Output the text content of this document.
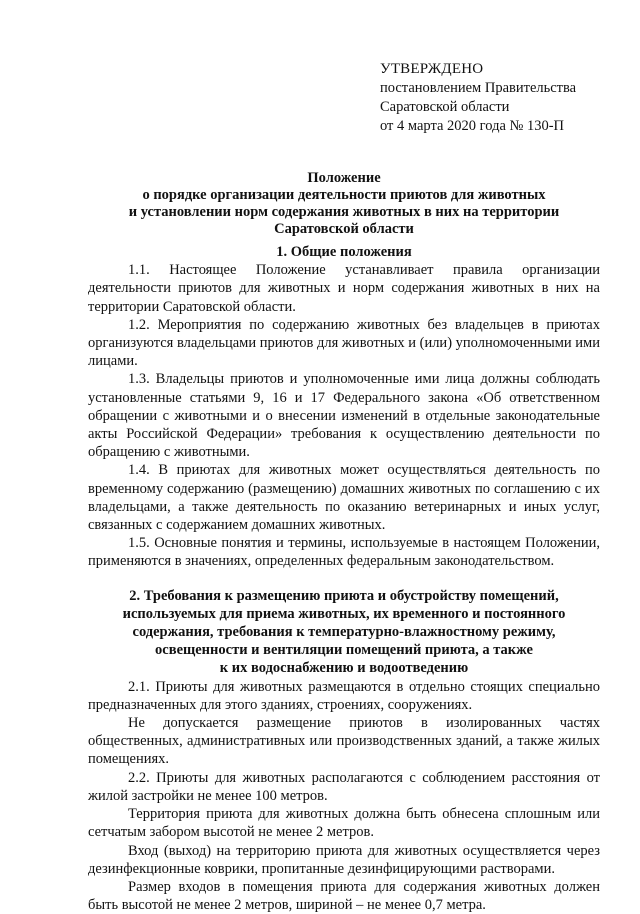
УТВЕРЖДЕНО
постановлением Правительства
Саратовской области
от 4 марта 2020 года № 130-П
Положение
о порядке организации деятельности приютов для животных
и установлении норм содержания животных в них на территории
Саратовской области
1. Общие положения

1.1. Настоящее Положение устанавливает правила организации деятельности приютов для животных и норм содержания животных в них на территории Саратовской области.

1.2. Мероприятия по содержанию животных без владельцев в приютах организуются владельцами приютов для животных и (или) уполномоченными ими лицами.

1.3. Владельцы приютов и уполномоченные ими лица должны соблюдать установленные статьями 9, 16 и 17 Федерального закона «Об ответственном обращении с животными и о внесении изменений в отдельные законодательные акты Российской Федерации» требования к осуществлению деятельности по обращению с животными.

1.4. В приютах для животных может осуществляться деятельность по временному содержанию (размещению) домашних животных по соглашению с их владельцами, а также деятельность по оказанию ветеринарных и иных услуг, связанных с содержанием домашних животных.

1.5. Основные понятия и термины, используемые в настоящем Положении, применяются в значениях, определенных федеральным законодательством.

2. Требования к размещению приюта и обустройству помещений,
используемых для приема животных, их временного и постоянного
содержания, требования к температурно-влажностному режиму,
освещенности и вентиляции помещений приюта, а также
к их водоснабжению и водоотведению

2.1. Приюты для животных размещаются в отдельно стоящих специально предназначенных для этого зданиях, строениях, сооружениях.

Не допускается размещение приютов в изолированных частях общественных, административных или производственных зданий, а также жилых помещениях.

2.2. Приюты для животных располагаются с соблюдением расстояния от жилой застройки не менее 100 метров.

Территория приюта для животных должна быть обнесена сплошным или сетчатым забором высотой не менее 2 метров.

Вход (выход) на территорию приюта для животных осуществляется через дезинфекционные коврики, пропитанные дезинфицирующими растворами.

Размер входов в помещения приюта для содержания животных должен быть высотой не менее 2 метров, шириной – не менее 0,7 метра.
